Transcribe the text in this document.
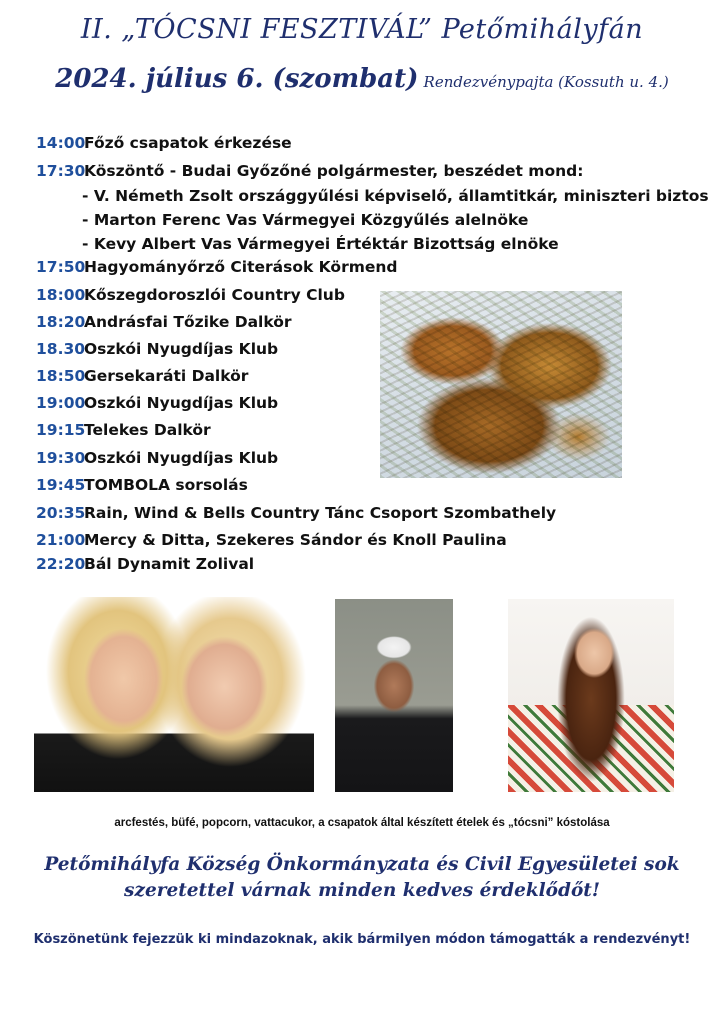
II. „TÓCSNI FESZTIVÁL” Petőmihályfán
2024. július 6. (szombat) Rendezvénypajta (Kossuth u. 4.)
14:00Főző csapatok érkezése
17:30Köszöntő - Budai Győzőné polgármester, beszédet mond:
- V. Németh Zsolt országgyűlési képviselő, államtitkár, miniszteri biztos
- Marton Ferenc Vas Vármegyei Közgyűlés alelnöke
- Kevy Albert Vas Vármegyei Értéktár Bizottság elnöke
17:50Hagyományőrző Citerások Körmend
18:00Kőszegdoroszlói Country Club
18:20Andrásfai Tőzike Dalkör
18.30Oszkói Nyugdíjas Klub
18:50Gersekaráti Dalkör
19:00Oszkói Nyugdíjas Klub
19:15Telekes Dalkör
19:30Oszkói Nyugdíjas Klub
19:45TOMBOLA sorsolás
20:35Rain, Wind & Bells Country Tánc Csoport Szombathely
21:00Mercy & Ditta, Szekeres Sándor és Knoll Paulina
22:20Bál Dynamit Zolival
arcfestés, büfé, popcorn, vattacukor, a csapatok által készített ételek és „tócsni” kóstolása
Petőmihályfa Község Önkormányzata és Civil Egyesületei sok szeretettel várnak minden kedves érdeklődőt!
Köszönetünk fejezzük ki mindazoknak, akik bármilyen módon támogatták a rendezvényt!
